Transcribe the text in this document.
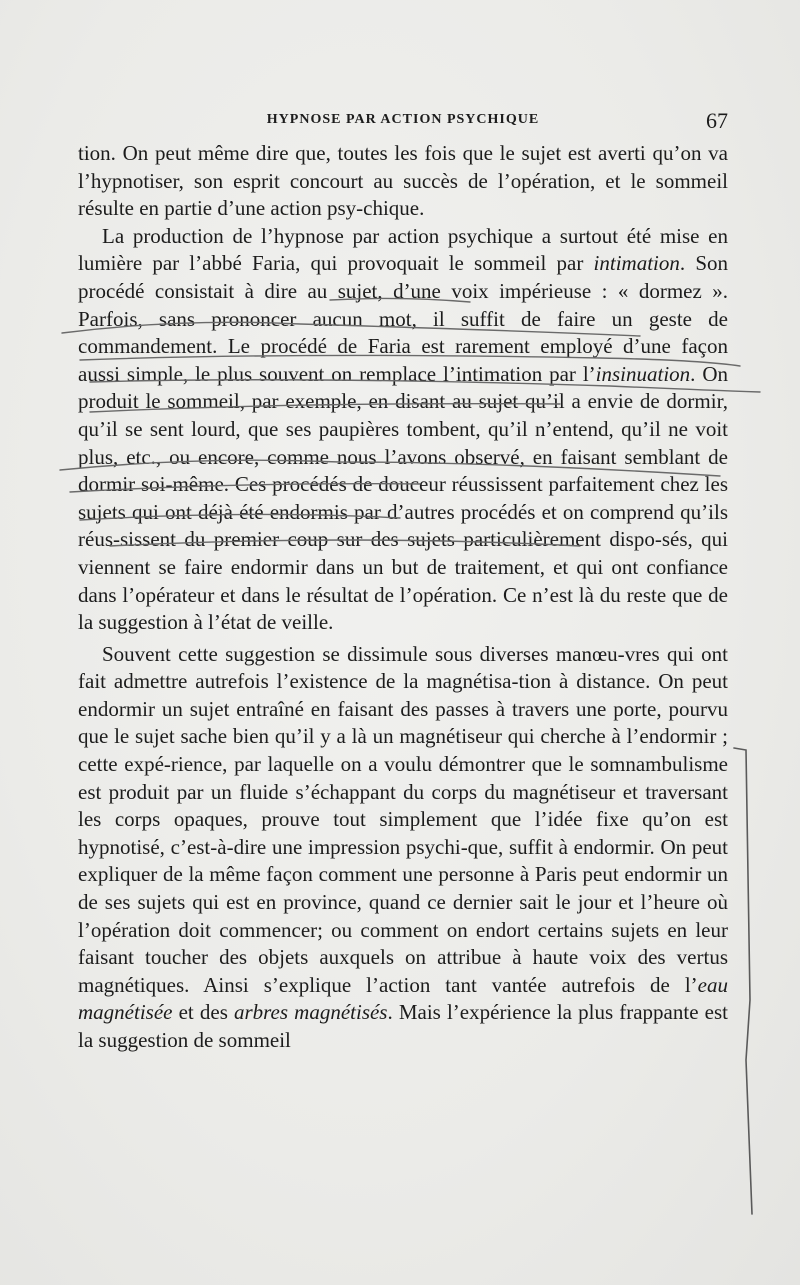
HYPNOSE PAR ACTION PSYCHIQUE	67

tion. On peut même dire que, toutes les fois que le sujet est averti qu’on va l’hypnotiser, son esprit concourt au succès de l’opération, et le sommeil résulte en partie d’une action psy-chique.

La production de l’hypnose par action psychique a surtout été mise en lumière par l’abbé Faria, qui provoquait le sommeil par intimation. Son procédé consistait à dire au sujet, d’une voix impérieuse : « dormez ». Parfois, sans prononcer aucun mot, il suffit de faire un geste de commandement. Le procédé de Faria est rarement employé d’une façon aussi simple, le plus souvent on remplace l’intimation par l’insinuation. On produit le sommeil, par exemple, en disant au sujet qu’il a envie de dormir, qu’il se sent lourd, que ses paupières tombent, qu’il n’entend, qu’il ne voit plus, etc., ou encore, comme nous l’avons observé, en faisant semblant de dormir soi-même. Ces procédés de douceur réussissent parfaitement chez les sujets qui ont déjà été endormis par d’autres procédés et on comprend qu’ils réus-sissent du premier coup sur des sujets particulièrement dispo-sés, qui viennent se faire endormir dans un but de traitement, et qui ont confiance dans l’opérateur et dans le résultat de l’opération. Ce n’est là du reste que de la suggestion à l’état de veille.

Souvent cette suggestion se dissimule sous diverses manœu-vres qui ont fait admettre autrefois l’existence de la magnétisa-tion à distance. On peut endormir un sujet entraîné en faisant des passes à travers une porte, pourvu que le sujet sache bien qu’il y a là un magnétiseur qui cherche à l’endormir ; cette expé-rience, par laquelle on a voulu démontrer que le somnambulisme est produit par un fluide s’échappant du corps du magnétiseur et traversant les corps opaques, prouve tout simplement que l’idée fixe qu’on est hypnotisé, c’est-à-dire une impression psychi-que, suffit à endormir. On peut expliquer de la même façon comment une personne à Paris peut endormir un de ses sujets qui est en province, quand ce dernier sait le jour et l’heure où l’opération doit commencer; ou comment on endort certains sujets en leur faisant toucher des objets auxquels on attribue à haute voix des vertus magnétiques. Ainsi s’explique l’action tant vantée autrefois de l’eau magnétisée et des arbres magnétisés. Mais l’expérience la plus frappante est la suggestion de sommeil
